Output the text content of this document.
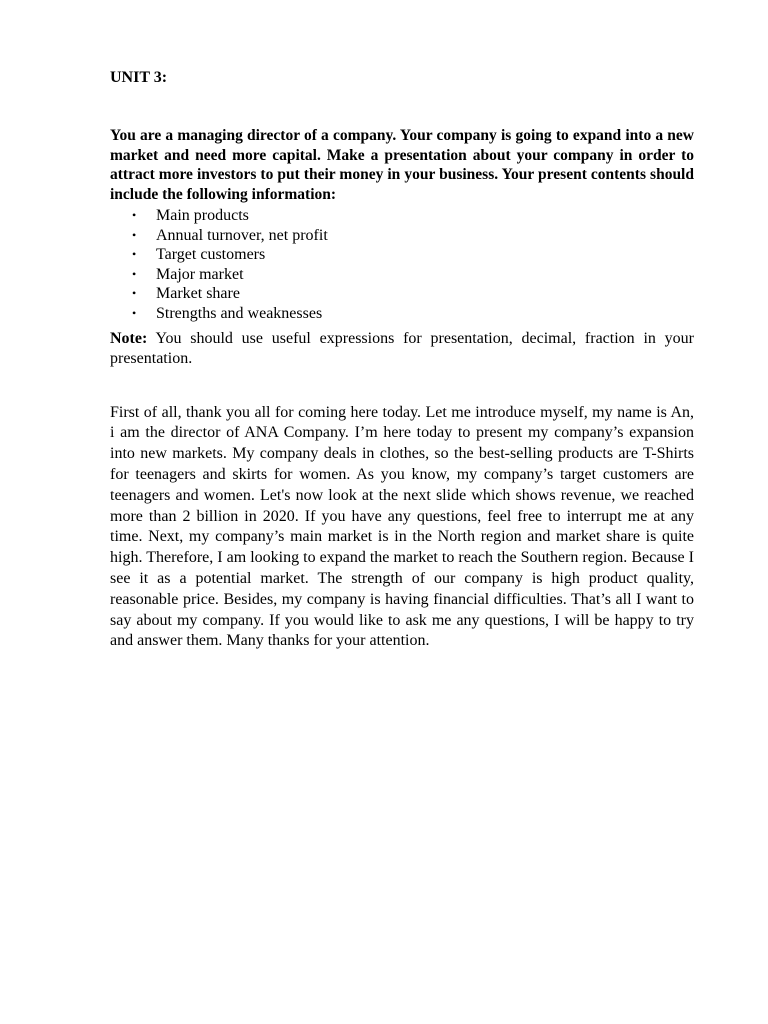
UNIT 3:

You are a managing director of a company. Your company is going to expand into a new market and need more capital. Make a presentation about your company in order to attract more investors to put their money in your business. Your present contents should include the following information:

• Main products
• Annual turnover, net profit
• Target customers
• Major market
• Market share
• Strengths and weaknesses

Note: You should use useful expressions for presentation, decimal, fraction in your presentation.

First of all, thank you all for coming here today. Let me introduce myself, my name is An, i am the director of ANA Company. I’m here today to present my company’s expansion into new markets. My company deals in clothes, so the best-selling products are T-Shirts for teenagers and skirts for women. As you know, my company’s target customers are teenagers and women. Let's now look at the next slide which shows revenue, we reached more than 2 billion in 2020. If you have any questions, feel free to interrupt me at any time. Next, my company’s main market is in the North region and market share is quite high. Therefore, I am looking to expand the market to reach the Southern region. Because I see it as a potential market. The strength of our company is high product quality, reasonable price. Besides, my company is having financial difficulties. That’s all I want to say about my company. If you would like to ask me any questions, I will be happy to try and answer them. Many thanks for your attention.
